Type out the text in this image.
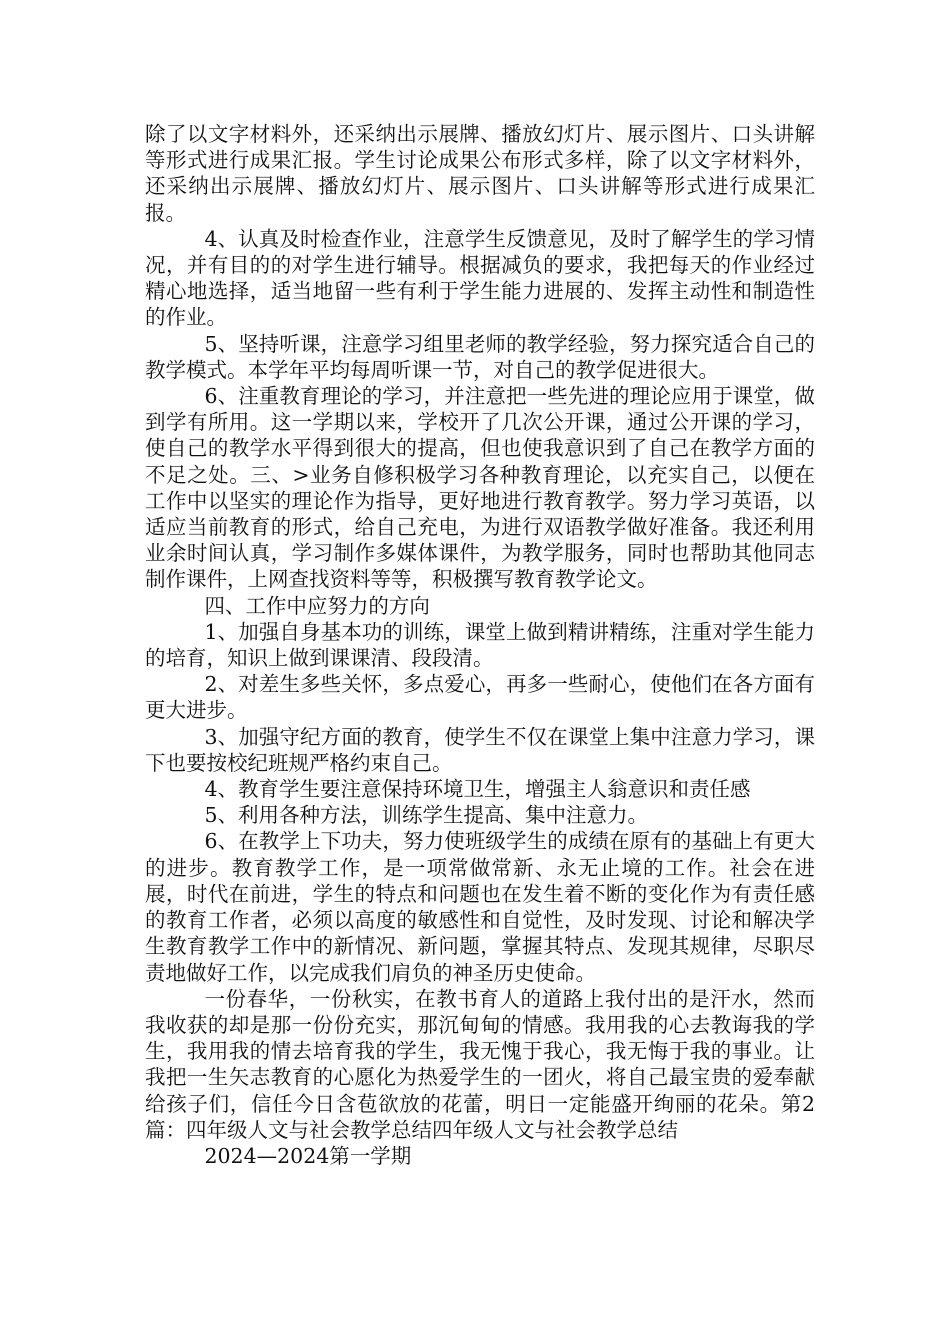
除了以文字材料外，还采纳出示展牌、播放幻灯片、展示图片、口头讲解等形式进行成果汇报。学生讨论成果公布形式多样，除了以文字材料外，还采纳出示展牌、播放幻灯片、展示图片、口头讲解等形式进行成果汇报。

4、认真及时检查作业，注意学生反馈意见，及时了解学生的学习情况，并有目的的对学生进行辅导。根据减负的要求，我把每天的作业经过精心地选择，适当地留一些有利于学生能力进展的、发挥主动性和制造性的作业。

5、坚持听课，注意学习组里老师的教学经验，努力探究适合自己的教学模式。本学年平均每周听课一节，对自己的教学促进很大。

6、注重教育理论的学习，并注意把一些先进的理论应用于课堂，做到学有所用。这一学期以来，学校开了几次公开课，通过公开课的学习，使自己的教学水平得到很大的提高，但也使我意识到了自己在教学方面的不足之处。三、>业务自修积极学习各种教育理论，以充实自己，以便在工作中以坚实的理论作为指导，更好地进行教育教学。努力学习英语，以适应当前教育的形式，给自己充电，为进行双语教学做好准备。我还利用业余时间认真，学习制作多媒体课件，为教学服务，同时也帮助其他同志制作课件，上网查找资料等等，积极撰写教育教学论文。

四、工作中应努力的方向

1、加强自身基本功的训练，课堂上做到精讲精练，注重对学生能力的培育，知识上做到课课清、段段清。

2、对差生多些关怀，多点爱心，再多一些耐心，使他们在各方面有更大进步。

3、加强守纪方面的教育，使学生不仅在课堂上集中注意力学习，课下也要按校纪班规严格约束自己。

4、教育学生要注意保持环境卫生，增强主人翁意识和责任感

5、利用各种方法，训练学生提高、集中注意力。

6、在教学上下功夫，努力使班级学生的成绩在原有的基础上有更大的进步。教育教学工作，是一项常做常新、永无止境的工作。社会在进展，时代在前进，学生的特点和问题也在发生着不断的变化作为有责任感的教育工作者，必须以高度的敏感性和自觉性，及时发现、讨论和解决学生教育教学工作中的新情况、新问题，掌握其特点、发现其规律，尽职尽责地做好工作，以完成我们肩负的神圣历史使命。

一份春华，一份秋实，在教书育人的道路上我付出的是汗水，然而我收获的却是那一份份充实，那沉甸甸的情感。我用我的心去教诲我的学生，我用我的情去培育我的学生，我无愧于我心，我无悔于我的事业。让我把一生矢志教育的心愿化为热爱学生的一团火，将自己最宝贵的爱奉献给孩子们，信任今日含苞欲放的花蕾，明日一定能盛开绚丽的花朵。第2篇：四年级人文与社会教学总结四年级人文与社会教学总结

2024—2024第一学期
